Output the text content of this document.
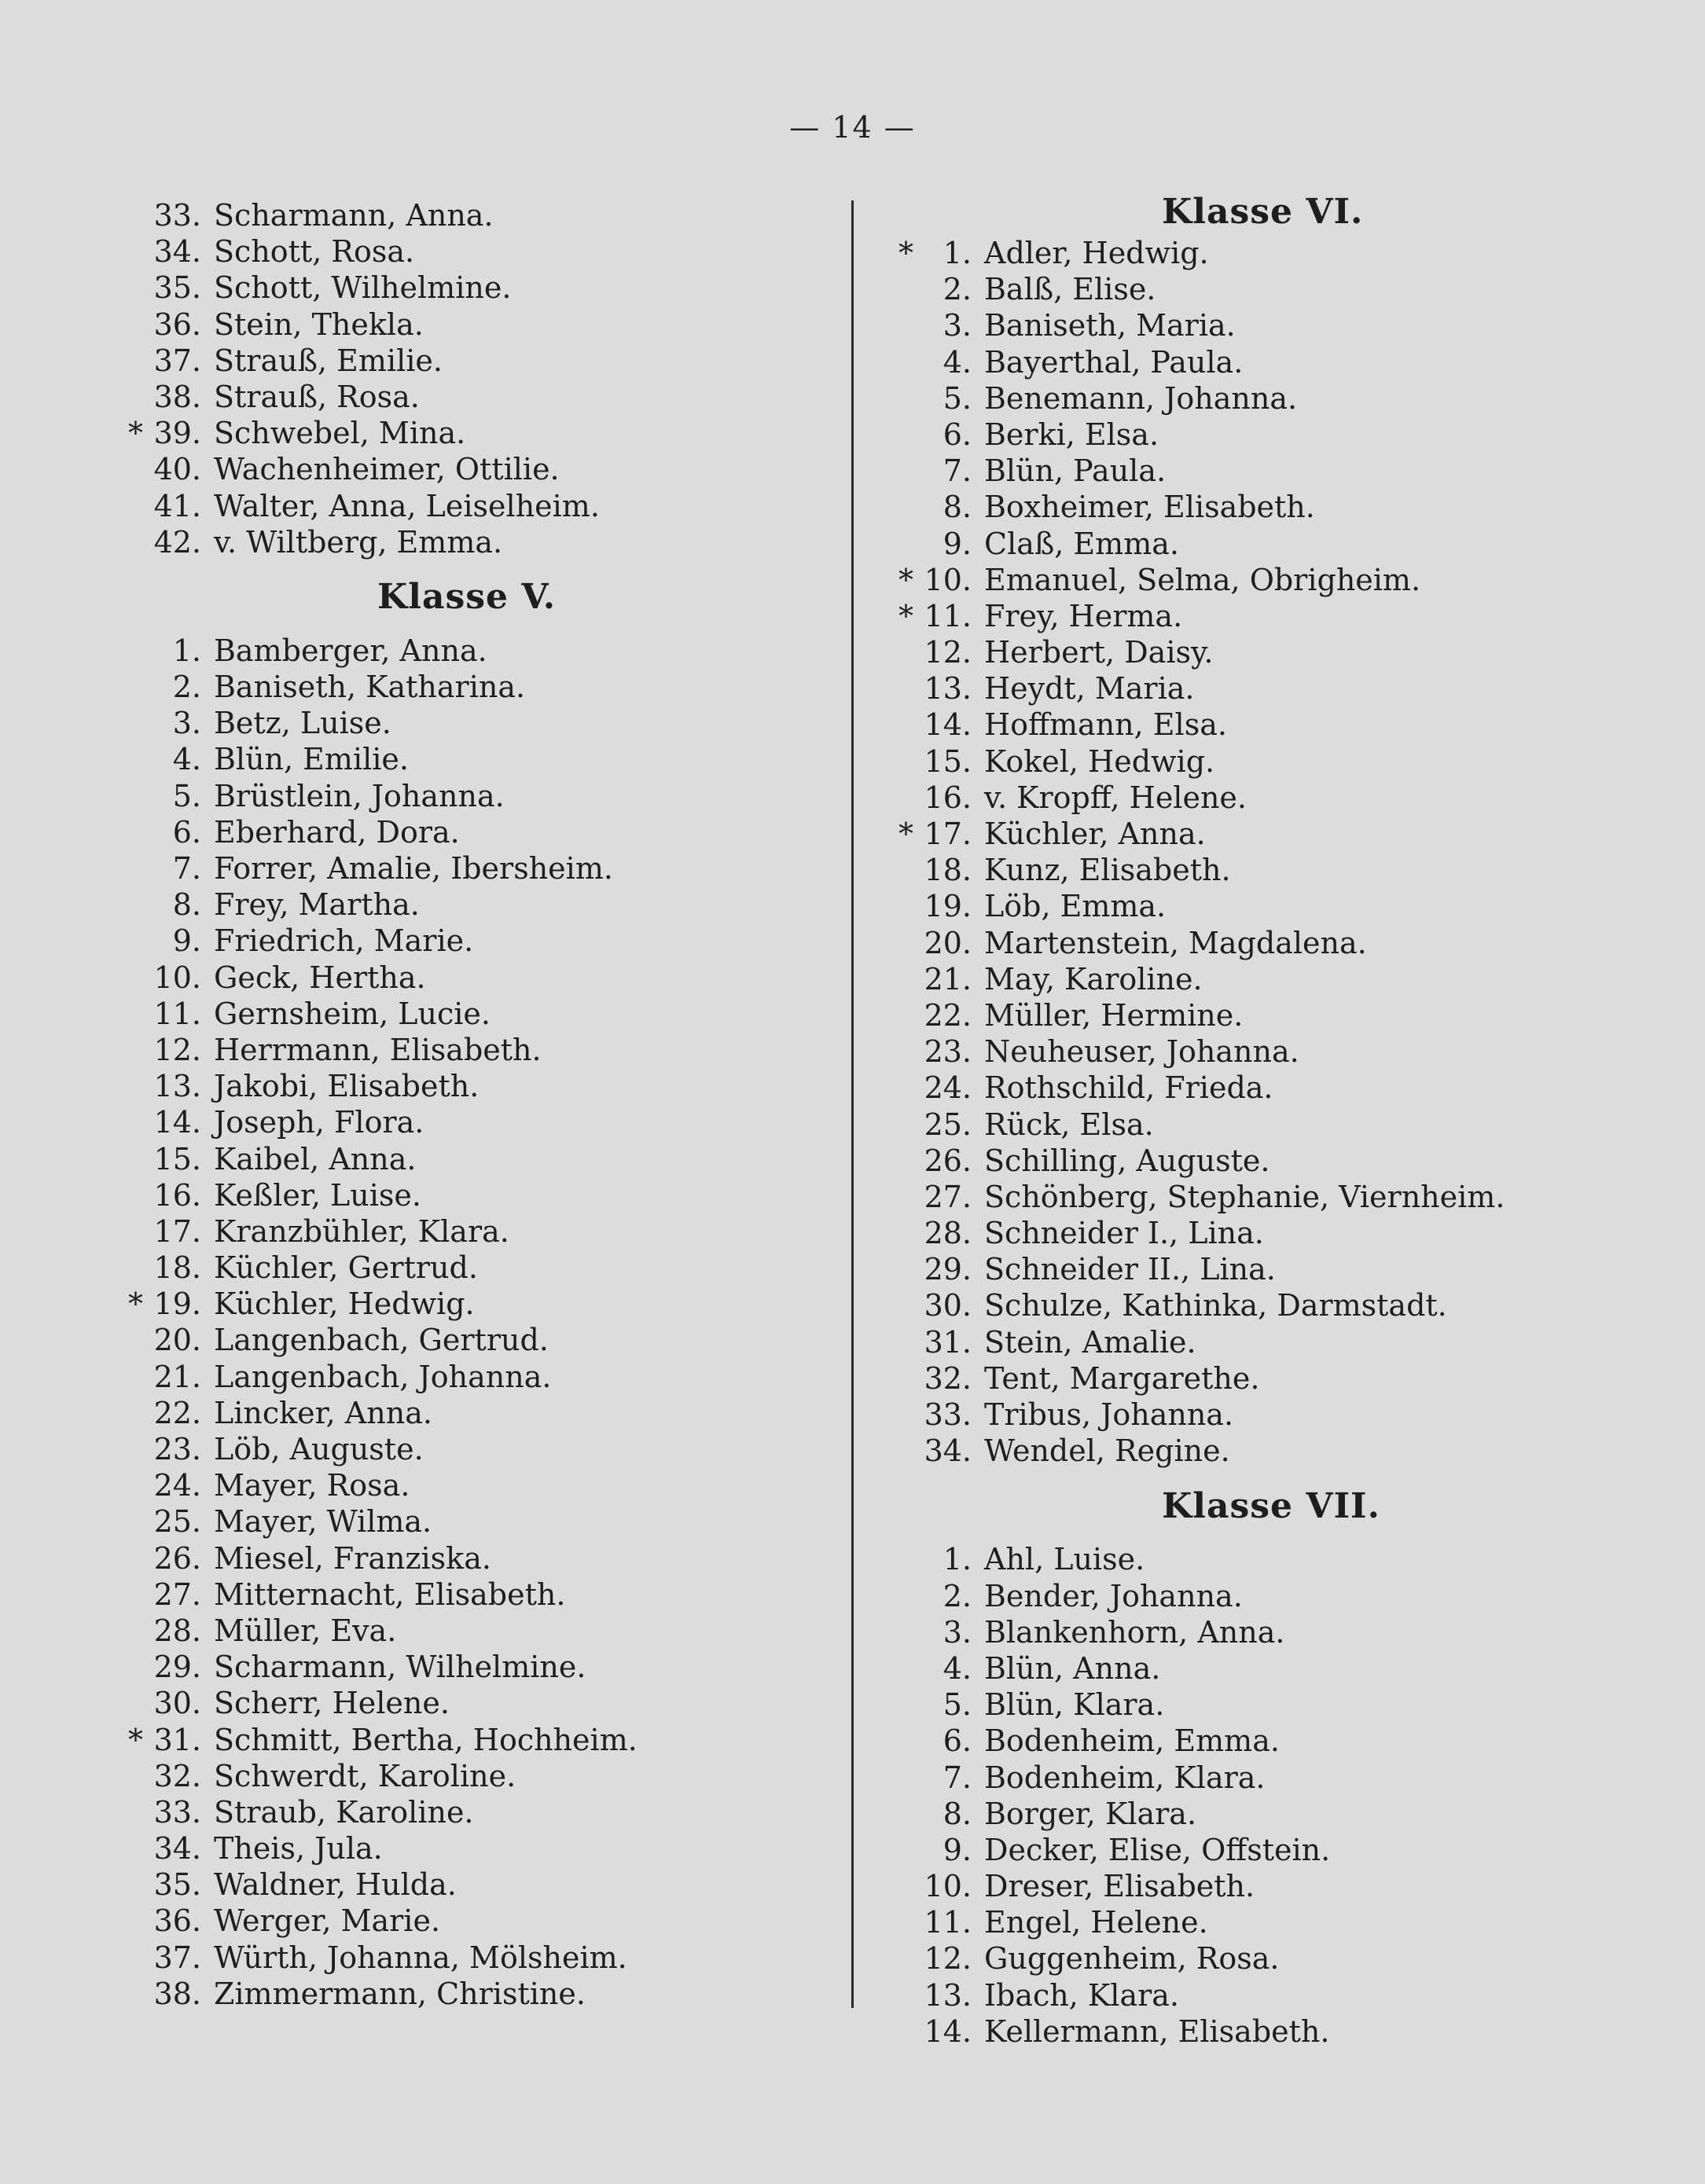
— 14 —
33. Scharmann, Anna.
34. Schott, Rosa.
35. Schott, Wilhelmine.
36. Stein, Thekla.
37. Strauß, Emilie.
38. Strauß, Rosa.
* 39. Schwebel, Mina.
40. Wachenheimer, Ottilie.
41. Walter, Anna, Leiselheim.
42. v. Wiltberg, Emma.
Klasse V.
1. Bamberger, Anna.
2. Baniseth, Katharina.
3. Betz, Luise.
4. Blün, Emilie.
5. Brüstlein, Johanna.
6. Eberhard, Dora.
7. Forrer, Amalie, Ibersheim.
8. Frey, Martha.
9. Friedrich, Marie.
10. Geck, Hertha.
11. Gernsheim, Lucie.
12. Herrmann, Elisabeth.
13. Jakobi, Elisabeth.
14. Joseph, Flora.
15. Kaibel, Anna.
16. Keßler, Luise.
17. Kranzbühler, Klara.
18. Küchler, Gertrud.
* 19. Küchler, Hedwig.
20. Langenbach, Gertrud.
21. Langenbach, Johanna.
22. Lincker, Anna.
23. Löb, Auguste.
24. Mayer, Rosa.
25. Mayer, Wilma.
26. Miesel, Franziska.
27. Mitternacht, Elisabeth.
28. Müller, Eva.
29. Scharmann, Wilhelmine.
30. Scherr, Helene.
* 31. Schmitt, Bertha, Hochheim.
32. Schwerdt, Karoline.
33. Straub, Karoline.
34. Theis, Jula.
35. Waldner, Hulda.
36. Werger, Marie.
37. Würth, Johanna, Mölsheim.
38. Zimmermann, Christine.
Klasse VI.
* 1. Adler, Hedwig.
2. Balß, Elise.
3. Baniseth, Maria.
4. Bayerthal, Paula.
5. Benemann, Johanna.
6. Berki, Elsa.
7. Blün, Paula.
8. Boxheimer, Elisabeth.
9. Claß, Emma.
* 10. Emanuel, Selma, Obrigheim.
* 11. Frey, Herma.
12. Herbert, Daisy.
13. Heydt, Maria.
14. Hoffmann, Elsa.
15. Kokel, Hedwig.
16. v. Kropff, Helene.
* 17. Küchler, Anna.
18. Kunz, Elisabeth.
19. Löb, Emma.
20. Martenstein, Magdalena.
21. May, Karoline.
22. Müller, Hermine.
23. Neuheuser, Johanna.
24. Rothschild, Frieda.
25. Rück, Elsa.
26. Schilling, Auguste.
27. Schönberg, Stephanie, Viernheim.
28. Schneider I., Lina.
29. Schneider II., Lina.
30. Schulze, Kathinka, Darmstadt.
31. Stein, Amalie.
32. Tent, Margarethe.
33. Tribus, Johanna.
34. Wendel, Regine.
Klasse VII.
1. Ahl, Luise.
2. Bender, Johanna.
3. Blankenhorn, Anna.
4. Blün, Anna.
5. Blün, Klara.
6. Bodenheim, Emma.
7. Bodenheim, Klara.
8. Borger, Klara.
9. Decker, Elise, Offstein.
10. Dreser, Elisabeth.
11. Engel, Helene.
12. Guggenheim, Rosa.
13. Ibach, Klara.
14. Kellermann, Elisabeth.
